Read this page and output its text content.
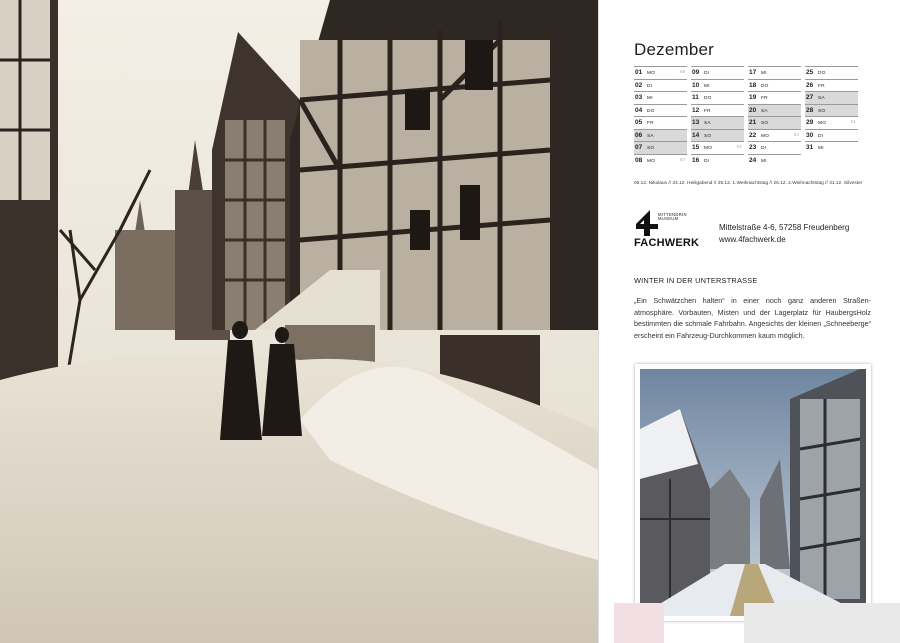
Dezember
01 MO	49
02 DI
03 MI
04 DO
05 FR
06 SA
07 SO
08 MO	50
09 DI
10 MI
11 DO
12 FR
13 SA
14 SO
15 MO	51
16 DI
17 MI
18 DO
19 FR
20 SA
21 SO
22 MO	52
23 DI
24 MI
25 DO
26 FR
27 SA
28 SO
29 MO	01
30 DI
31 MI
06.12. Nikolaus // 24.12. Heiligabend // 25.12. 1.Weihnachtstag // 26.12. 2.Weihnachtstag // 31.12. Silvester
MITTENDRIN MUSEUM
FACHWERK
Mittelstraße 4-6, 57258 Freudenberg
www.4fachwerk.de
WINTER IN DER UNTERSTRASSE
„Ein Schwätzchen halten“ in einer noch ganz anderen Straßenatmosphäre. Vorbauten, Misten und der Lagerplatz für HaubergsHolz bestimmten die schmale Fahrbahn. Angesichts der kleinen „Schneeberge“ erscheint ein Fahrzeug-Durchkommen kaum möglich.
